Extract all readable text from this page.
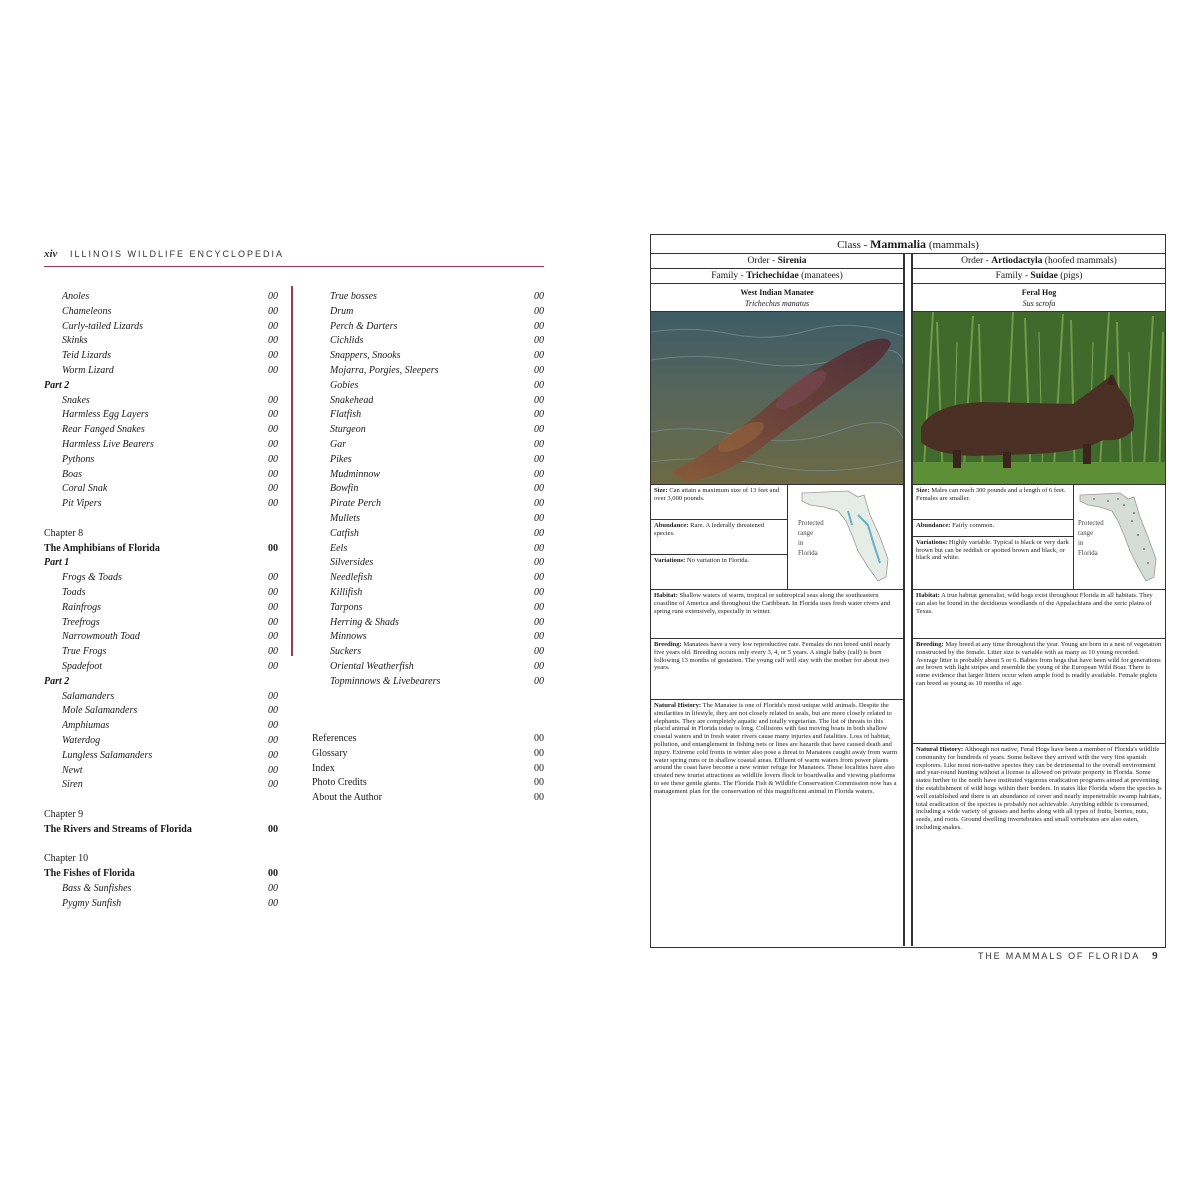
xiv ILLINOIS WILDLIFE ENCYCLOPEDIA
Anoles	00
Chameleons	00
Curly-tailed Lizards	00
Skinks	00
Teid Lizards	00
Worm Lizard	00
Part 2
Snakes	00
Harmless Egg Layers	00
Rear Fanged Snakes	00
Harmless Live Bearers	00
Pythons	00
Boas	00
Coral Snak	00
Pit Vipers	00
Chapter 8
The Amphibians of Florida	00
Part 1
Frogs & Toads	00
Toads	00
Rainfrogs	00
Treefrogs	00
Narrowmouth Toad	00
True Frogs	00
Spadefoot	00
Part 2
Salamanders	00
Mole Salamanders	00
Amphiumas	00
Waterdog	00
Lungless Salamanders	00
Newt	00
Siren	00
Chapter 9
The Rivers and Streams of Florida	00
Chapter 10
The Fishes of Florida	00
Bass & Sunfishes	00
Pygmy Sunfish	00
True bosses	00
Drum	00
Perch & Darters	00
Cichlids	00
Snappers, Snooks	00
Mojarra, Porgies, Sleepers	00
Gobies	00
Snakehead	00
Flatfish	00
Sturgeon	00
Gar	00
Pikes	00
Mudminnow	00
Bowfin	00
Pirate Perch	00
Mullets	00
Catfish	00
Eels	00
Silversides	00
Needlefish	00
Killifish	00
Tarpons	00
Herring & Shads	00
Minnows	00
Suckers	00
Oriental Weatherfish	00
Topminnows & Livebearers	00
References	00
Glossary	00
Index	00
Photo Credits	00
About the Author	00
Class - Mammalia (mammals)
Order - Sirenia
Family - Trichechidae (manatees)
West Indian Manatee
Trichechus manatus
Size: Can attain a maximum size of 13 feet and over 3,000 pounds.
Abundance: Rare. A federally threatened species.
Variations: No variation in Florida.
Protected
range
in
Florida
Habitat: Shallow waters of warm, tropical or subtropical seas along the southeastern coastline of America and throughout the Caribbean. In Florida uses fresh water rivers and spring runs extensively, especially in winter.
Breeding: Manatees have a very low reproductive rate. Females do not breed until nearly five years old. Breeding occurs only every 3, 4, or 5 years. A single baby (calf) is born following 13 months of gestation. The young calf will stay with the mother for about two years.
Natural History: The Manatee is one of Florida's most unique wild animals. Despite the similarities in lifestyle, they are not closely related to seals, but are more closely related to elephants. They are completely aquatic and totally vegetarian. The list of threats to this placid animal in Florida today is long. Collisions with fast moving boats in both shallow coastal waters and in fresh water rivers cause many injuries and fatalities. Loss of habitat, pollution, and entanglement in fishing nets or lines are hazards that have caused death and injury. Extreme cold fronts in winter also pose a threat to Manatees caught away from warm water spring runs or in shallow coastal areas. Effluent of warm waters from power plants around the coast have become a new winter refuge for Manatees. These localities have also created new tourist attractions as wildlife lovers flock to boardwalks and viewing platforms to see these gentle giants. The Florida Fish & Wildlife Conservation Commission now has a management plan for the conservation of this magnificent animal in Florida waters.
Order - Artiodactyla (hoofed mammals)
Family - Suidae (pigs)
Feral Hog
Sus scrofa
Size: Males can reach 300 pounds and a length of 6 feet. Females are smaller.
Abundance: Fairly common.
Variations: Highly variable. Typical is black or very dark brown but can be reddish or spotted brown and black, or black and white.
Protected
range
in
Florida
Habitat: A true habitat generalist, wild hogs exist throughout Florida in all habitats. They can also be found in the deciduous woodlands of the Appalachians and the xeric plains of Texas.
Breeding: May breed at any time throughout the year. Young are born in a nest of vegetation constructed by the female. Litter size is variable with as many as 10 young recorded. Average litter is probably about 5 or 6. Babies from hogs that have been wild for generations are brown with light stripes and resemble the young of the European Wild Boar. There is some evidence that larger litters occur when ample food is readily available. Female piglets can breed as young as 10 months of age.
Natural History: Although not native, Feral Hogs have been a member of Florida's wildlife community for hundreds of years. Some believe they arrived with the very first spanish explorers. Like most non-native species they can be detrimental to the overall environment and year-round hunting without a license is allowed on private property in Florida. Some states further to the north have instituted vigorous eradication programs aimed at preventing the establishment of wild hogs within their borders. In states like Florida where the species is well established and there is an abundance of cover and nearly impenetrable swamp habitats, total eradication of the species is probably not achievable. Anything edible is consumed, including a wide variety of grasses and herbs along with all types of fruits, berries, nuts, seeds, and roots. Ground dwelling invertebrates and small vertebrates are also eaten, including snakes.
THE MAMMALS OF FLORIDA 9
